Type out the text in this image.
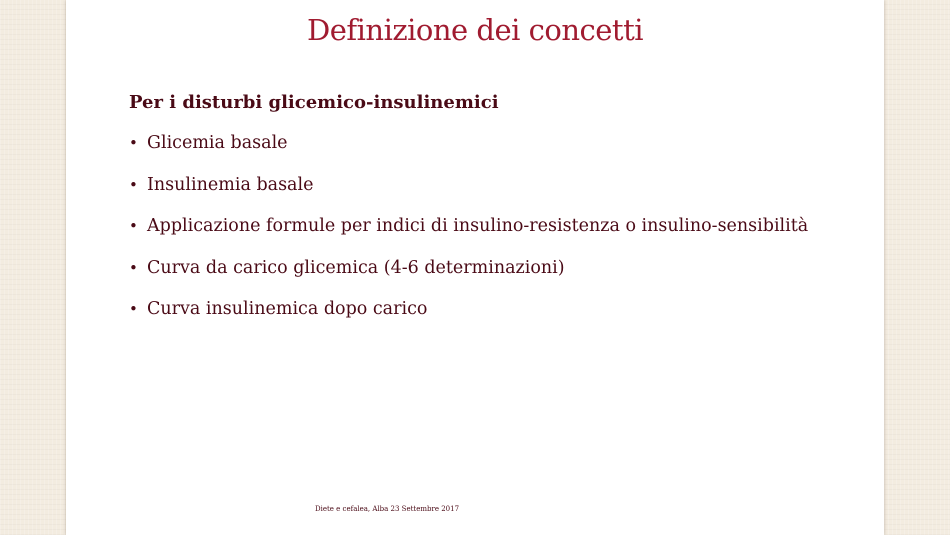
Definizione dei concetti
Per i disturbi glicemico-insulinemici
• Glicemia basale
• Insulinemia basale
• Applicazione formule per indici di insulino-resistenza o insulino-sensibilità
• Curva da carico glicemica (4-6 determinazioni)
• Curva insulinemica dopo carico
Diete e cefalea, Alba 23 Settembre 2017
